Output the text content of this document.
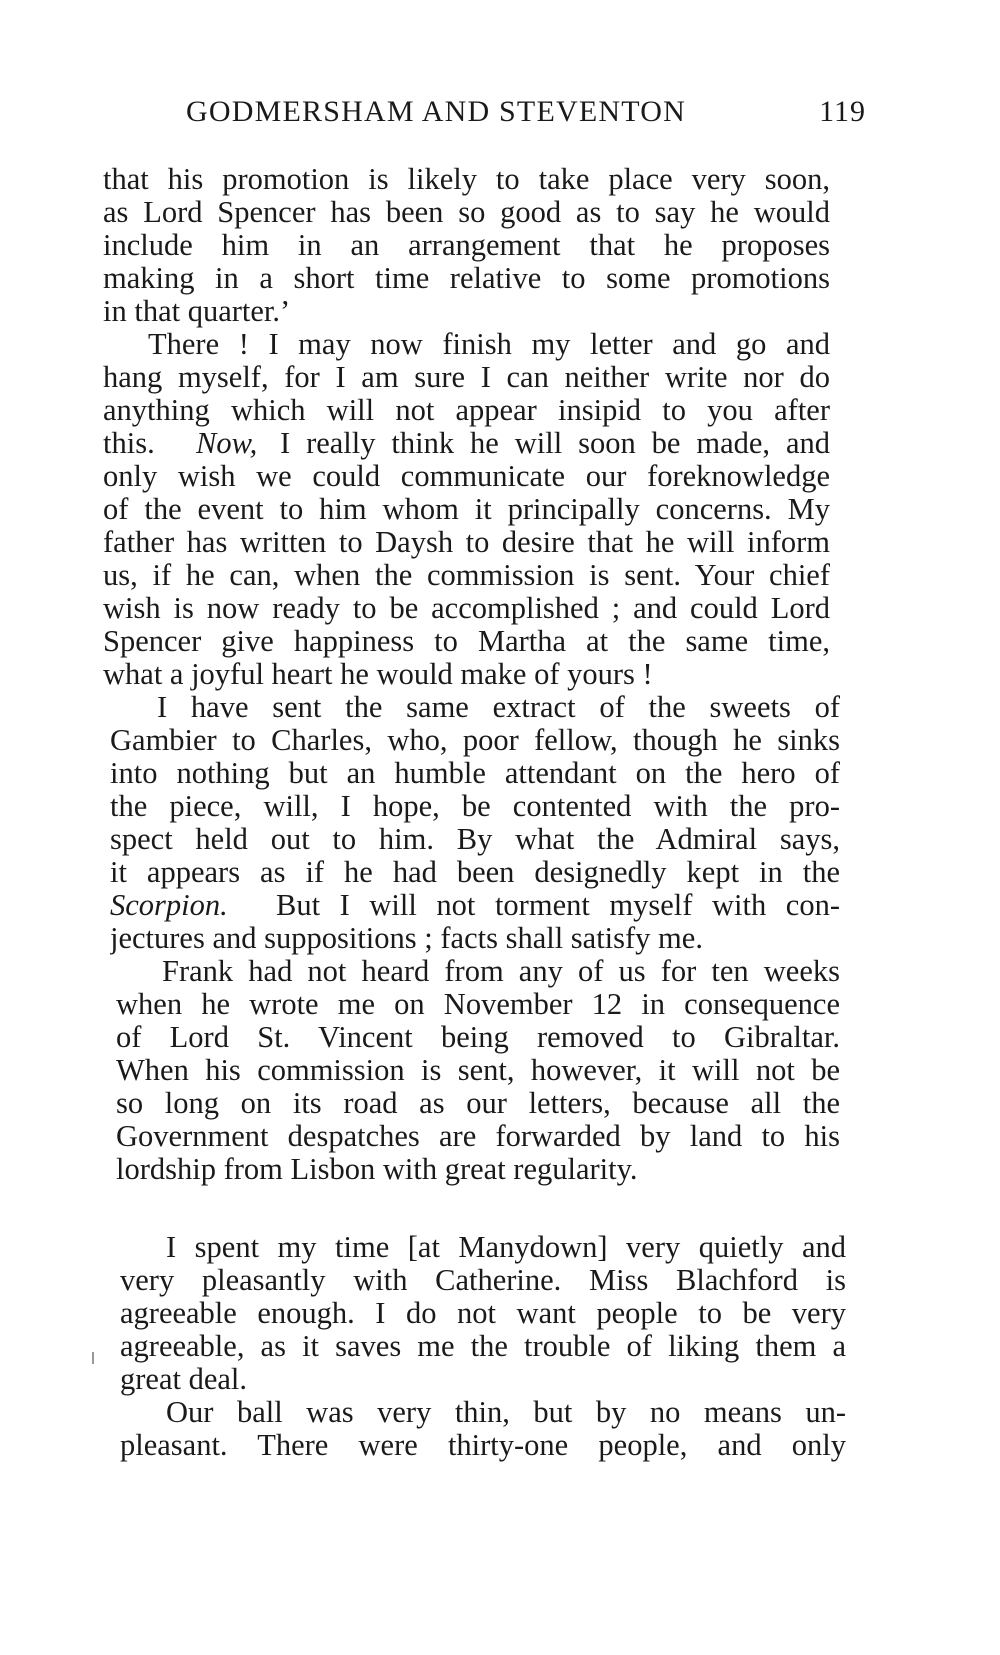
GODMERSHAM AND STEVENTON	119
that his promotion is likely to take place very soon,
as Lord Spencer has been so good as to say he would
include him in an arrangement that he proposes
making in a short time relative to some promotions
in that quarter.’
There ! I may now finish my letter and go and
hang myself, for I am sure I can neither write nor do
anything which will not appear insipid to you after
this.	Now, I really think he will soon be made, and
only wish we could communicate our foreknowledge
of the event to him whom it principally concerns. My
father has written to Daysh to desire that he will inform
us, if he can, when the commission is sent. Your chief
wish is now ready to be accomplished ; and could Lord
Spencer give happiness to Martha at the same time,
what a joyful heart he would make of yours !
I have sent the same extract of the sweets of
Gambier to Charles, who, poor fellow, though he sinks
into nothing but an humble attendant on the hero of
the piece, will, I hope, be contented with the pro-
spect held out to him. By what the Admiral says,
it appears as if he had been designedly kept in the
Scorpion.	But I will not torment myself with con-
jectures and suppositions ; facts shall satisfy me.
Frank had not heard from any of us for ten weeks
when he wrote me on November 12 in consequence
of Lord St. Vincent being removed to Gibraltar.
When his commission is sent, however, it will not be
so long on its road as our letters, because all the
Government despatches are forwarded by land to his
lordship from Lisbon with great regularity.
I spent my time [at Manydown] very quietly and
very pleasantly with Catherine. Miss Blachford is
agreeable enough. I do not want people to be very
agreeable, as it saves me the trouble of liking them a
great deal.
Our ball was very thin, but by no means un-
pleasant. There were thirty-one people, and only
